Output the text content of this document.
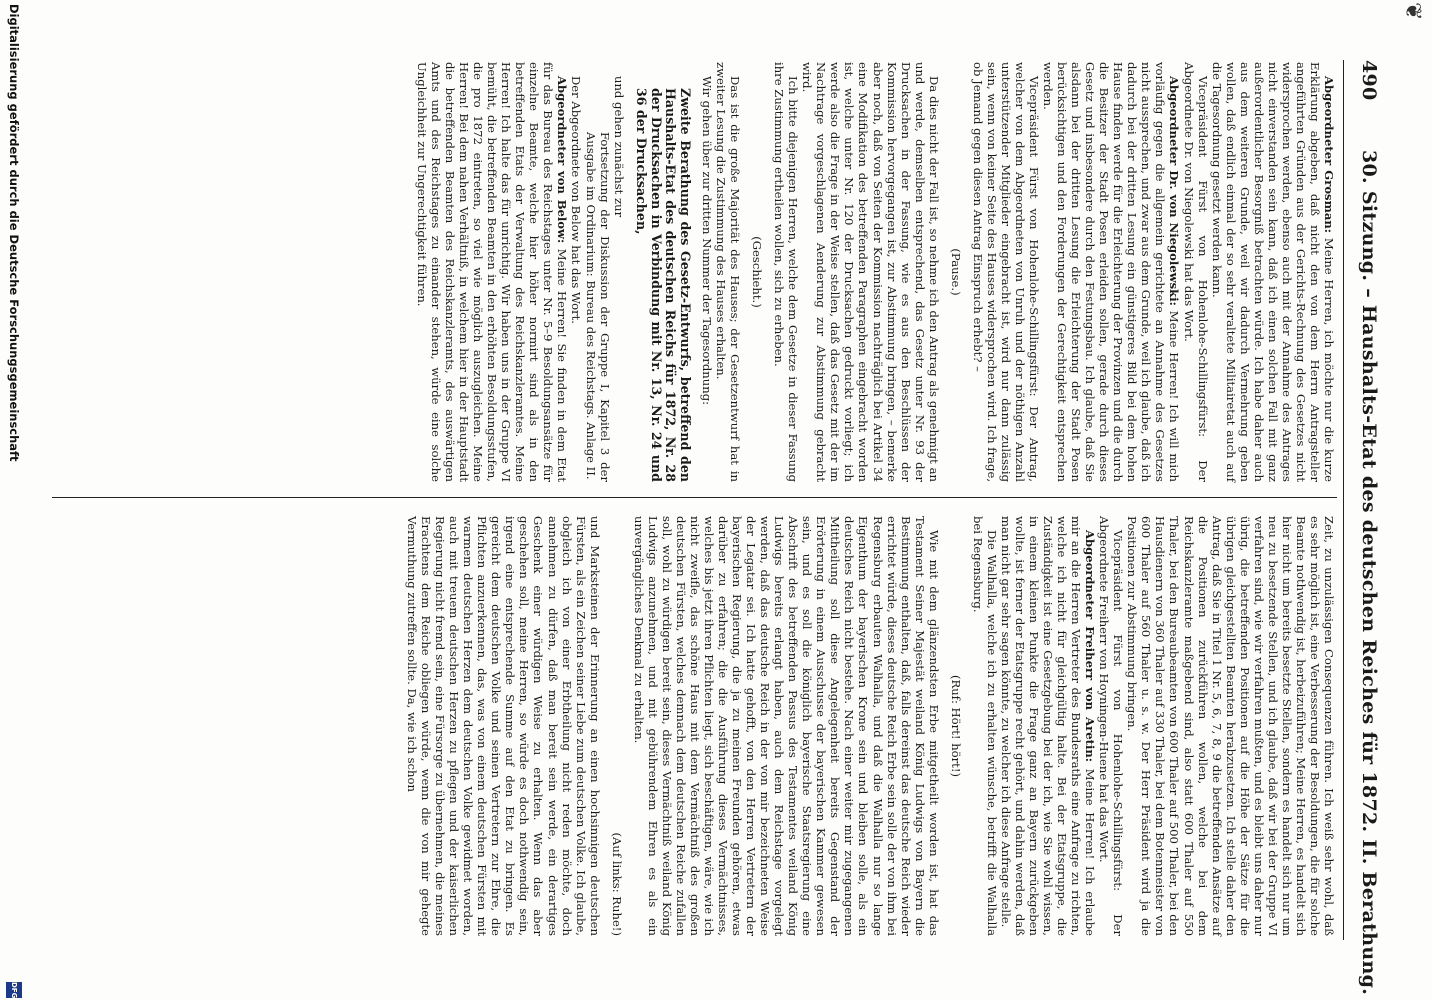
❦
490
30. Sitzung. – Haushalts-Etat des deutschen Reiches für 1872. II. Berathung.

Abgeordneter Grosman: Meine Herren, ich möchte nur die kurze Erklärung abgeben, daß nicht den von dem Herrn Antragsteller angeführten Gründen aus der Gerichts-Rechnung des Gesetzes nicht widersprochen werden, ebenso auch mit der Annahme des Antrages nicht einverstanden sein kann, daß ich einen solchen Fall mit ganz außerordentlicher Besorgniß betrachten würde. Ich habe daher auch aus dem weiteren Grunde, weil wir dadurch Vermehrung geben wollen, daß endlich einmal der so sehr veraltete Militairetat auch auf die Tagesordnung gesetzt werden kann.

Vicepräsident Fürst von Hohenlohe-Schillingsfürst: Der Abgeordnete Dr. von Niegolewski hat das Wort.

Abgeordneter Dr. von Niegolewski: Meine Herren! Ich will mich vorläufig gegen die allgemein gerichtete an Annahme des Gesetzes nicht aussprechen, und zwar aus dem Grunde, weil ich glaube, daß ich dadurch bei der dritten Lesung ein günstigeres Bild bei dem hohen Hause finden werde für die Erleichterung der Provinzen und die durch die Besitzer der Stadt Posen erleiden sollen, gerade durch dieses Gesetz und insbesondere durch den Festungsbau. Ich glaube, daß Sie alsdann bei der dritten Lesung die Erleichterung der Stadt Posen berücksichtigen und den Forderungen der Gerechtigkeit entsprechen werden.

Vicepräsident Fürst von Hohenlohe-Schillingsfürst: Der Antrag, welcher von dem Abgeordneten von Unruh und der nöthigen Anzahl unterstützender Mitglieder eingebracht ist, wird nur dann zulässig sein, wenn von keiner Seite des Hauses widersprochen wird. Ich frage, ob Jemand gegen diesen Antrag Einspruch erhebt? –

(Pause.)

Da dies nicht der Fall ist, so nehme ich den Antrag als genehmigt an und werde, demselben entsprechend, das Gesetz unter Nr. 93 der Drucksachen in der Fassung, wie es aus den Beschlüssen der Kommission hervorgegangen ist, zur Abstimmung bringen, – bemerke aber noch, daß von Seiten der Kommission nachträglich bei Artikel 34 eine Modifikation des betreffenden Paragraphen eingebracht worden ist, welche unter Nr. 120 der Drucksachen gedruckt vorliegt; ich werde also die Frage in der Weise stellen, daß das Gesetz mit der im Nachtrage vorgeschlagenen Aenderung zur Abstimmung gebracht wird.

Ich bitte diejenigen Herren, welche dem Gesetze in dieser Fassung ihre Zustimmung ertheilen wollen, sich zu erheben.

(Geschieht.)

Das ist die große Majorität des Hauses; der Gesetzentwurf hat in zweiter Lesung die Zustimmung des Hauses erhalten.

Wir gehen über zur dritten Nummer der Tagesordnung:

Zweite Berathung des Gesetz-Entwurfs, betreffend den Haushalts-Etat des deutschen Reichs für 1872, Nr. 28 der Drucksachen in Verbindung mit Nr. 13, Nr. 24 und 36 der Drucksachen,

und gehen zunächst zur

Fortsetzung der Diskussion der Gruppe I, Kapitel 3 der Ausgabe im Ordinarium: Bureau des Reichstags. Anlage II.

Der Abgeordnete von Below hat das Wort.

Abgeordneter von Below: Meine Herren! Sie finden in dem Etat für das Bureau des Reichstages unter Nr. 5–9 Besoldungsansätze für einzelne Beamte, welche hier höher normirt sind als in den betreffenden Etats der Verwaltung des Reichskanzleramtes. Meine Herren! Ich halte das für unrichtig. Wir haben uns in der Gruppe VI bemüht, die betreffenden Beamten in den erhöhten Besoldungsstufen, die pro 1872 eintreten, so viel wie möglich auszugleichen. Meine Herren! Bei dem nahen Verhältniß, in welchem hier in der Hauptstadt die betreffenden Beamten des Reichskanzleramts, des auswärtigen Amts und des Reichstages zu einander stehen, würde eine solche Ungleichheit zur Ungerechtigkeit führen.

Zeit, zu unzulässigen Consequenzen führen. Ich weiß sehr wohl, daß es sehr möglich ist, eine Verbesserung der Besoldungen, die für solche Beamte nothwendig ist, herbeizuführen; Meine Herren, es handelt sich hier nicht um bereits besetzte Stellen, sondern es handelt sich nur um neu zu besetzende Stellen, und ich glaube, daß wir bei der Gruppe VI verfahren sind, wie wir verfahren mußten, und es bleibt uns daher nur übrig, die betreffenden Positionen auf die Höhe der Sätze für die übrigen gleichgestellten Beamten herabzusetzen. Ich stelle daher den Antrag, daß Sie in Titel 1 Nr. 5, 6, 7, 8, 9 die betreffenden Ansätze auf die Positionen zurückführen wollen, welche bei dem Reichskanzleramte maßgebend sind, also statt 600 Thaler auf 550 Thaler, bei den Bureaubeamten von 600 Thaler auf 500 Thaler, bei den Hausdienern von 360 Thaler auf 330 Thaler, bei dem Botenmeister von 600 Thaler auf 560 Thaler u. s. w. Der Herr Präsident wird ja die Positionen zur Abstimmung bringen.

Vicepräsident Fürst von Hohenlohe-Schillingsfürst: Der Abgeordnete Freiherr von Hoyningen-Huene hat das Wort.

Abgeordneter Freiherr von Aretin: Meine Herren! Ich erlaube mir an die Herren Vertreter des Bundesraths eine Anfrage zu richten, welche ich nicht für gleichgültig halte. Bei der Etatsgruppe, die Zuständigkeit ist eine Gesetzgebung bei der ich, wie Sie wohl wissen, in einem kleinen Punkte die Frage ganz an Bayern zurückgeben wollte, ist ferner der Etatsgruppe recht gehört, und dahin werden, daß man nicht gar sehr sagen könnte, zu welcher ich diese Anfrage stelle.

Die Walhalla, welche ich zu erhalten wünsche, betrifft die Walhalla bei Regensburg.

(Ruf: Hört! hört!)

Wie mit dem glänzendsten Erbe mitgetheilt worden ist, hat das Testament Seiner Majestät weiland König Ludwigs von Bayern die Bestimmung enthalten, daß, falls dereinst das deutsche Reich wieder errichtet würde, dieses deutsche Reich Erbe sein solle der von ihm bei Regensburg erbauten Walhalla, und daß die Walhalla nur so lange Eigenthum der bayerischen Krone sein und bleiben solle, als ein deutsches Reich nicht bestehe. Nach einer weiter mir zugegangenen Mittheilung soll diese Angelegenheit bereits Gegenstand der Erörterung in einem Ausschusse der bayerischen Kammer gewesen sein, und es soll die königlich bayerische Staatsregierung eine Abschrift des betreffenden Passus des Testamentes weiland König Ludwigs bereits erlangt haben, auch dem Reichstage vorgelegt werden, daß das deutsche Reich in der von mir bezeichneten Weise der Legatar sei. Ich hatte gehofft, von den Herren Vertretern der bayerischen Regierung, die ja zu meinen Freunden gehören, etwas darüber zu erfahren; die die Ausführung dieses Vermächtnisses, welches bis jetzt ihren Pflichten liegt, sich beschäftigen, wäre, wie ich nicht zweifle, das schöne Haus mit dem Vermächtniß des großen deutschen Fürsten, welches demnach dem deutschen Reiche zufallen soll, wohl zu würdigen bereit sein, dieses Vermächtniß weiland König Ludwigs anzunehmen, und mit gebührendem Ehren es als ein unvergängliches Denkmal zu erhalten.

(Auf links: Ruhe!)

und Marksteinen der Erinnerung an einen hochsinnigen deutschen Fürsten, als ein Zeichen seiner Liebe zum deutschen Volke. Ich glaube, obgleich ich von einer Erbtheilung nicht reden möchte, doch annehmen zu dürfen, daß man bereit sein werde, ein derartiges Geschenk einer würdigen Weise zu erhalten. Wenn das aber geschehen soll, meine Herren, so würde es doch nothwendig sein, irgend eine entsprechende Summe auf den Etat zu bringen. Es gereicht dem deutschen Volke und seinen Vertretern zur Ehre, die Pflichten anzuerkennen, das, was von einem deutschen Fürsten mit warmem deutschen Herzen dem deutschen Volke gewidmet worden, auch mit treuem deutschen Herzen zu pflegen und der kaiserlichen Regierung nicht fremd sein, eine Fürsorge zu übernehmen, die meines Erachtens dem Reiche obliegen würde, wenn die von mir gehegte Vermuthung zutreffen sollte. Da, wie ich schon

Digitalisierung gefördert durch die Deutsche Forschungsgemeinschaft
DFG
